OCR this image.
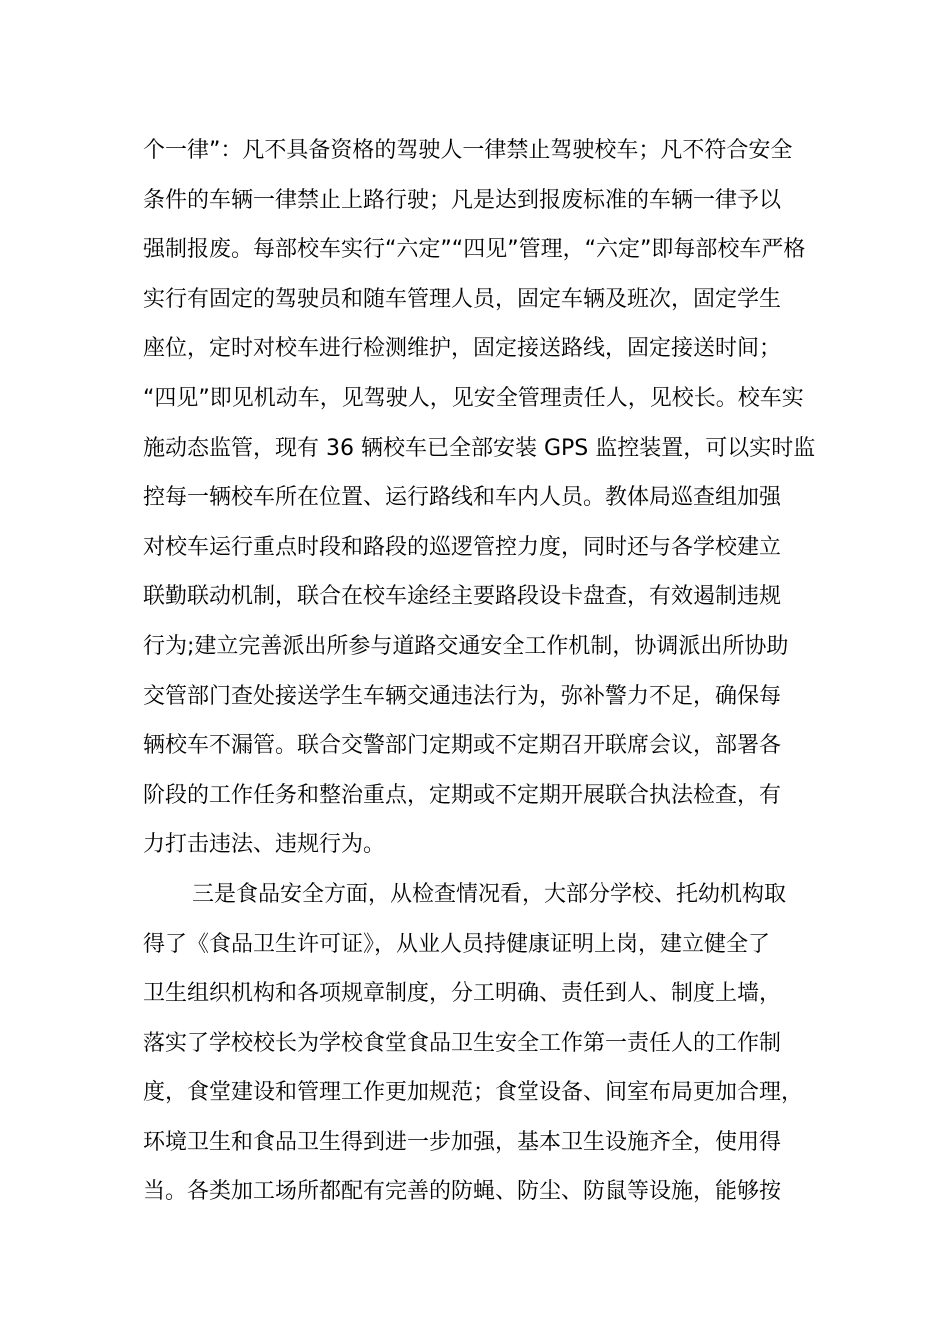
个一律”：凡不具备资格的驾驶人一律禁止驾驶校车；凡不符合安全
条件的车辆一律禁止上路行驶；凡是达到报废标准的车辆一律予以
强制报废。每部校车实行“六定”“四见”管理，“六定”即每部校车严格
实行有固定的驾驶员和随车管理人员，固定车辆及班次，固定学生
座位，定时对校车进行检测维护，固定接送路线，固定接送时间；
“四见”即见机动车，见驾驶人，见安全管理责任人，见校长。校车实
施动态监管，现有 36 辆校车已全部安装 GPS 监控装置，可以实时监
控每一辆校车所在位置、运行路线和车内人员。教体局巡查组加强
对校车运行重点时段和路段的巡逻管控力度，同时还与各学校建立
联勤联动机制，联合在校车途经主要路段设卡盘查，有效遏制违规
行为;建立完善派出所参与道路交通安全工作机制，协调派出所协助
交管部门查处接送学生车辆交通违法行为，弥补警力不足，确保每
辆校车不漏管。联合交警部门定期或不定期召开联席会议，部署各
阶段的工作任务和整治重点，定期或不定期开展联合执法检查，有
力打击违法、违规行为。
三是食品安全方面，从检查情况看，大部分学校、托幼机构取
得了《食品卫生许可证》，从业人员持健康证明上岗，建立健全了
卫生组织机构和各项规章制度，分工明确、责任到人、制度上墙，
落实了学校校长为学校食堂食品卫生安全工作第一责任人的工作制
度，食堂建设和管理工作更加规范；食堂设备、间室布局更加合理，
环境卫生和食品卫生得到进一步加强，基本卫生设施齐全，使用得
当。各类加工场所都配有完善的防蝇、防尘、防鼠等设施，能够按
